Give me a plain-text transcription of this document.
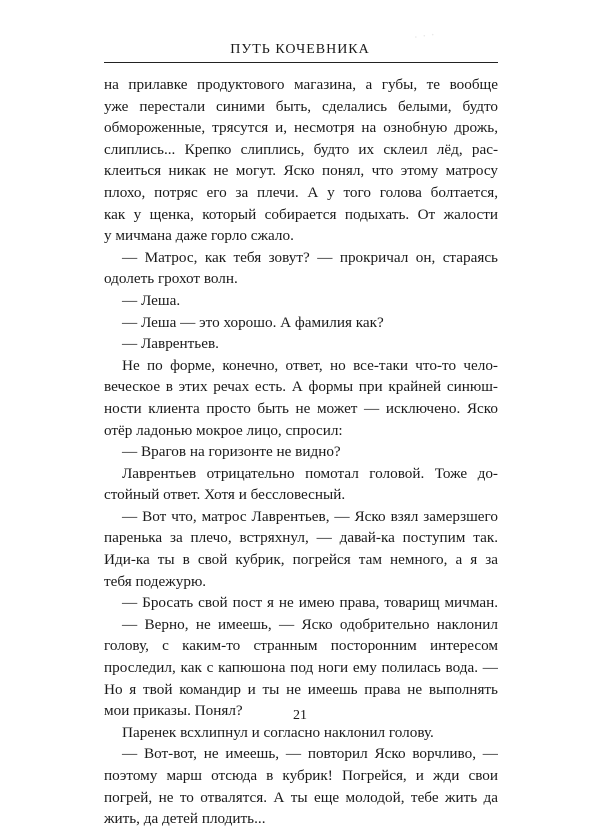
· · ·
ПУТЬ КОЧЕВНИКА
на прилавке продуктового магазина, а губы, те вообще
уже перестали синими быть, сделались белыми, будто
обмороженные, трясутся и, несмотря на ознобную дрожь,
слиплись... Крепко слиплись, будто их склеил лёд, рас-
клеиться никак не могут. Яско понял, что этому матросу
плохо, потряс его за плечи. А у того голова болтается,
как у щенка, который собирается подыхать. От жалости
у мичмана даже горло сжало.
— Матрос, как тебя зовут? — прокричал он, стараясь
одолеть грохот волн.
— Леша.
— Леша — это хорошо. А фамилия как?
— Лаврентьев.
Не по форме, конечно, ответ, но все-таки что-то чело-
веческое в этих речах есть. А формы при крайней синюш-
ности клиента просто быть не может — исключено. Яско
отёр ладонью мокрое лицо, спросил:
— Врагов на горизонте не видно?
Лаврентьев отрицательно помотал головой. Тоже до-
стойный ответ. Хотя и бессловесный.
— Вот что, матрос Лаврентьев, — Яско взял замерзшего
паренька за плечо, встряхнул, — давай-ка поступим так.
Иди-ка ты в свой кубрик, погрейся там немного, а я за
тебя подежурю.
— Бросать свой пост я не имею права, товарищ мичман.
— Верно, не имеешь, — Яско одобрительно наклонил
голову, с каким-то странным посторонним интересом
проследил, как с капюшона под ноги ему полилась вода. —
Но я твой командир и ты не имеешь права не выполнять
мои приказы. Понял?
Паренек всхлипнул и согласно наклонил голову.
— Вот-вот, не имеешь, — повторил Яско ворчливо, —
поэтому марш отсюда в кубрик! Погрейся, и жди свои
погрей, не то отвалятся. А ты еще молодой, тебе жить да
жить, да детей плодить...
21
